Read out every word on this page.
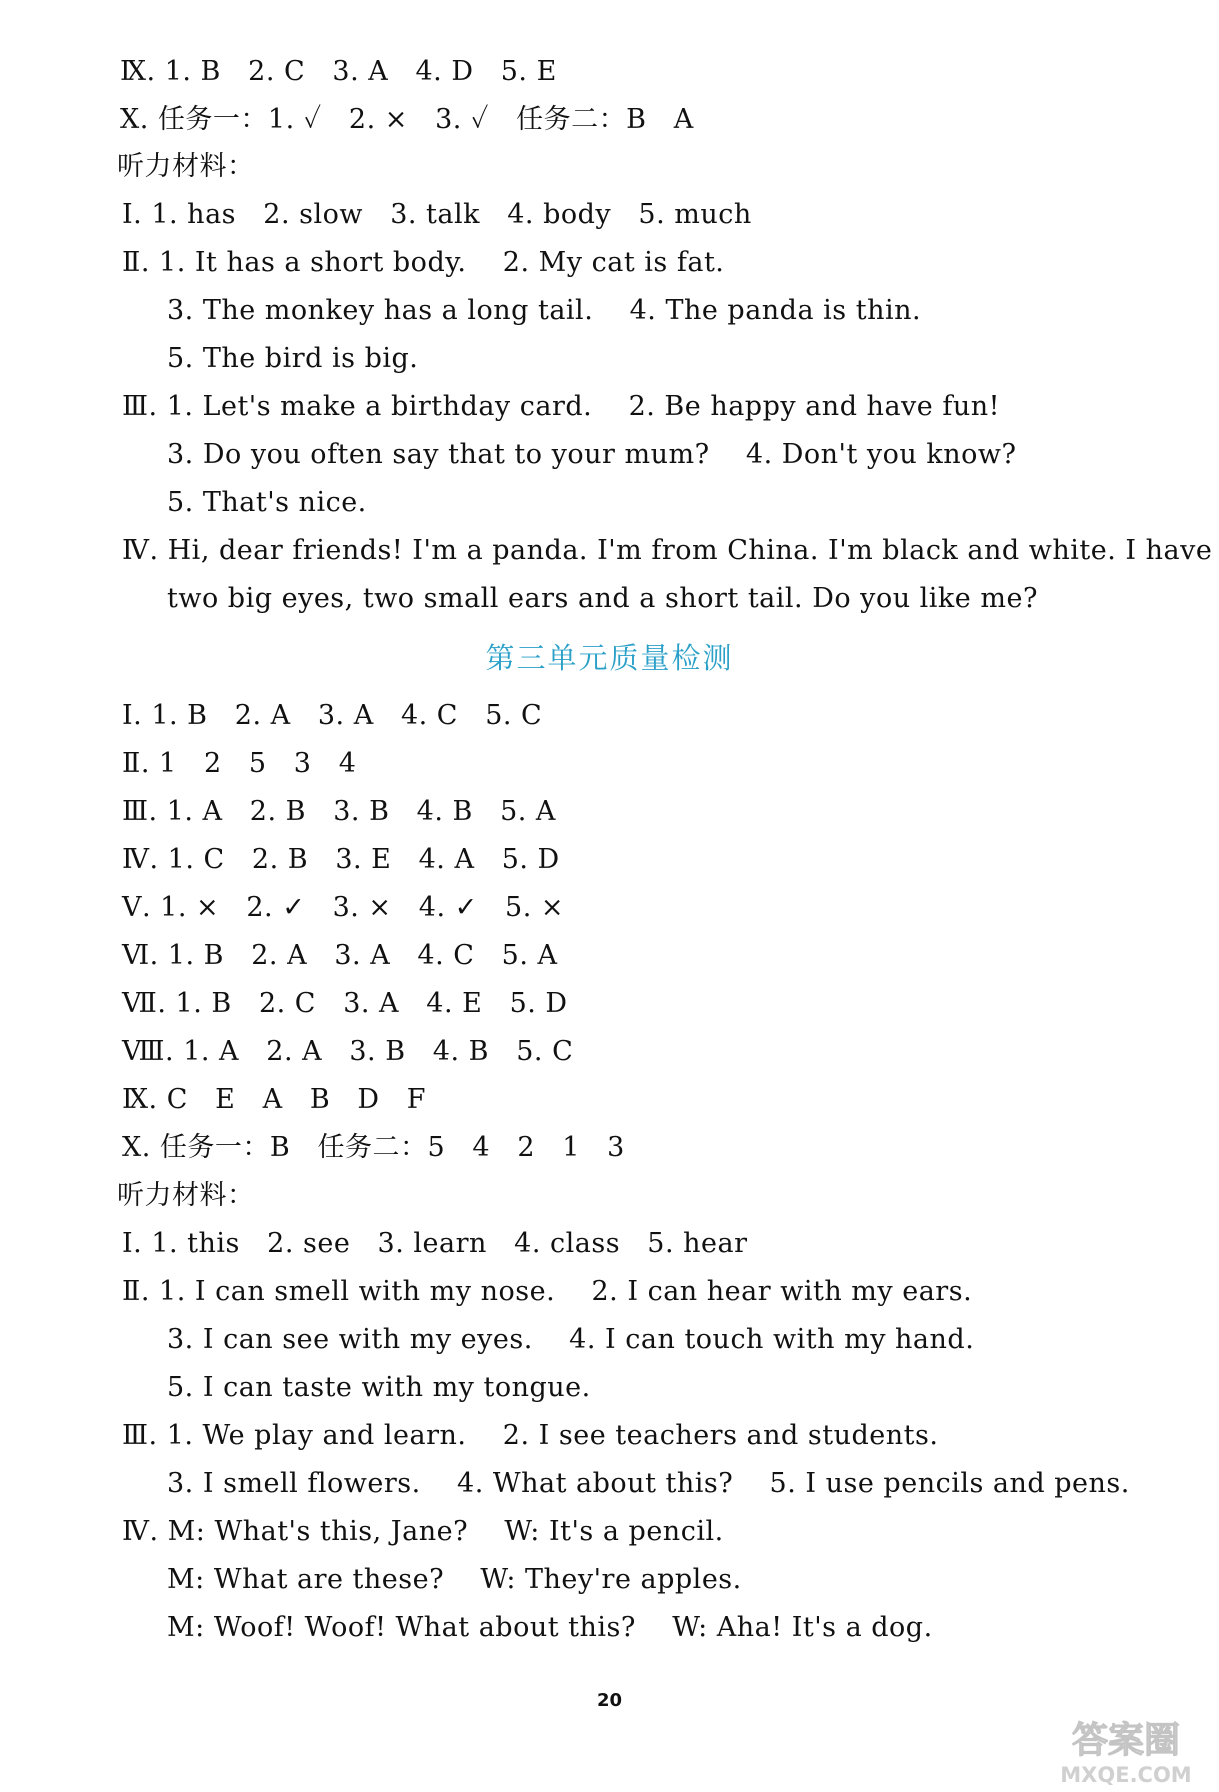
Ⅸ. 1. B   2. C   3. A   4. D   5. E
Ⅹ. 任务一：1. ✓   2. ×   3. ✓   任务二：B   A
听力材料：
Ⅰ. 1. has   2. slow   3. talk   4. body   5. much
Ⅱ. 1. It has a short body.    2. My cat is fat.
3. The monkey has a long tail.    4. The panda is thin.
5. The bird is big.
Ⅲ. 1. Let's make a birthday card.    2. Be happy and have fun!
3. Do you often say that to your mum?    4. Don't you know?
5. That's nice.
Ⅳ. Hi, dear friends! I'm a panda. I'm from China. I'm black and white. I have
two big eyes, two small ears and a short tail. Do you like me?
第三单元质量检测
Ⅰ. 1. B   2. A   3. A   4. C   5. C
Ⅱ. 1   2   5   3   4
Ⅲ. 1. A   2. B   3. B   4. B   5. A
Ⅳ. 1. C   2. B   3. E   4. A   5. D
Ⅴ. 1. ×   2. ✓   3. ×   4. ✓   5. ×
Ⅵ. 1. B   2. A   3. A   4. C   5. A
Ⅶ. 1. B   2. C   3. A   4. E   5. D
Ⅷ. 1. A   2. A   3. B   4. B   5. C
Ⅸ. C   E   A   B   D   F
Ⅹ. 任务一：B   任务二：5   4   2   1   3
听力材料：
Ⅰ. 1. this   2. see   3. learn   4. class   5. hear
Ⅱ. 1. I can smell with my nose.    2. I can hear with my ears.
3. I can see with my eyes.    4. I can touch with my hand.
5. I can taste with my tongue.
Ⅲ. 1. We play and learn.    2. I see teachers and students.
3. I smell flowers.    4. What about this?    5. I use pencils and pens.
Ⅳ. M: What's this, Jane?    W: It's a pencil.
M: What are these?    W: They're apples.
M: Woof! Woof! What about this?    W: Aha! It's a dog.
20
答案圈
MXQE.COM
